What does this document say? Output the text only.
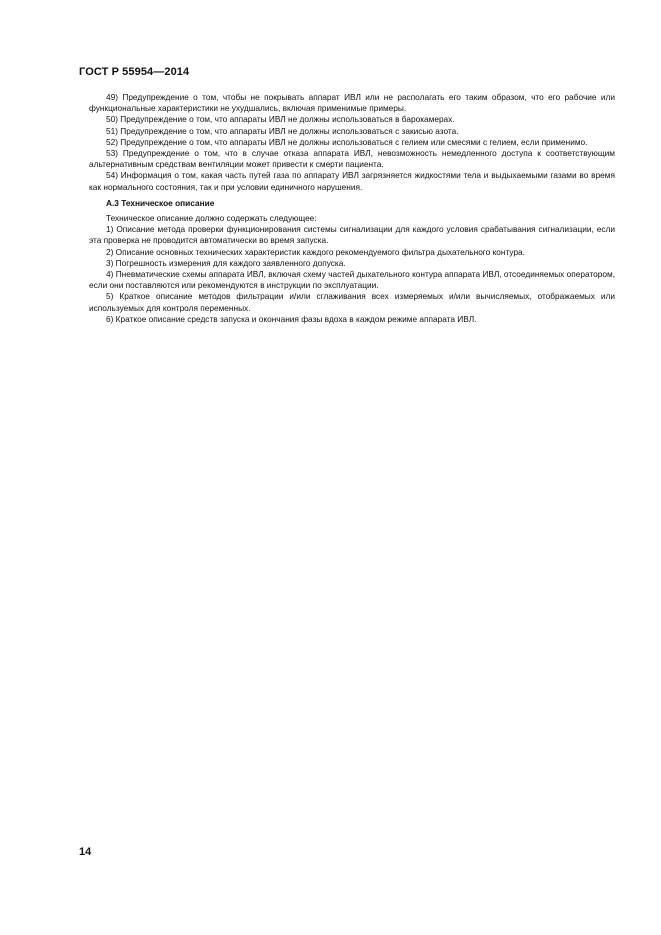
ГОСТ Р 55954—2014

49) Предупреждение о том, чтобы не покрывать аппарат ИВЛ или не располагать его таким образом, что его рабочие или функциональные характеристики не ухудшались, включая применимые примеры.

50) Предупреждение о том, что аппараты ИВЛ не должны использоваться в барокамерах.

51) Предупреждение о том, что аппараты ИВЛ не должны использоваться с закисью азота.

52) Предупреждение о том, что аппараты ИВЛ не должны использоваться с гелием или смесями с гелием, если применимо.

53) Предупреждение о том, что в случае отказа аппарата ИВЛ, невозможность немедленного доступа к соответствующим альтернативным средствам вентиляции может привести к смерти пациента.

54) Информация о том, какая часть путей газа по аппарату ИВЛ загрязняется жидкостями тела и выдыхаемыми газами во время как нормального состояния, так и при условии единичного нарушения.

А.3 Техническое описание

Техническое описание должно содержать следующее:

1) Описание метода проверки функционирования системы сигнализации для каждого условия срабатывания сигнализации, если эта проверка не проводится автоматически во время запуска.

2) Описание основных технических характеристик каждого рекомендуемого фильтра дыхательного контура.

3) Погрешность измерения для каждого заявленного допуска.

4) Пневматические схемы аппарата ИВЛ, включая схему частей дыхательного контура аппарата ИВЛ, отсоединяемых оператором, если они поставляются или рекомендуются в инструкции по эксплуатации.

5) Краткое описание методов фильтрации и/или сглаживания всех измеряемых и/или вычисляемых, отображаемых или используемых для контроля переменных.

6) Краткое описание средств запуска и окончания фазы вдоха в каждом режиме аппарата ИВЛ.

14
